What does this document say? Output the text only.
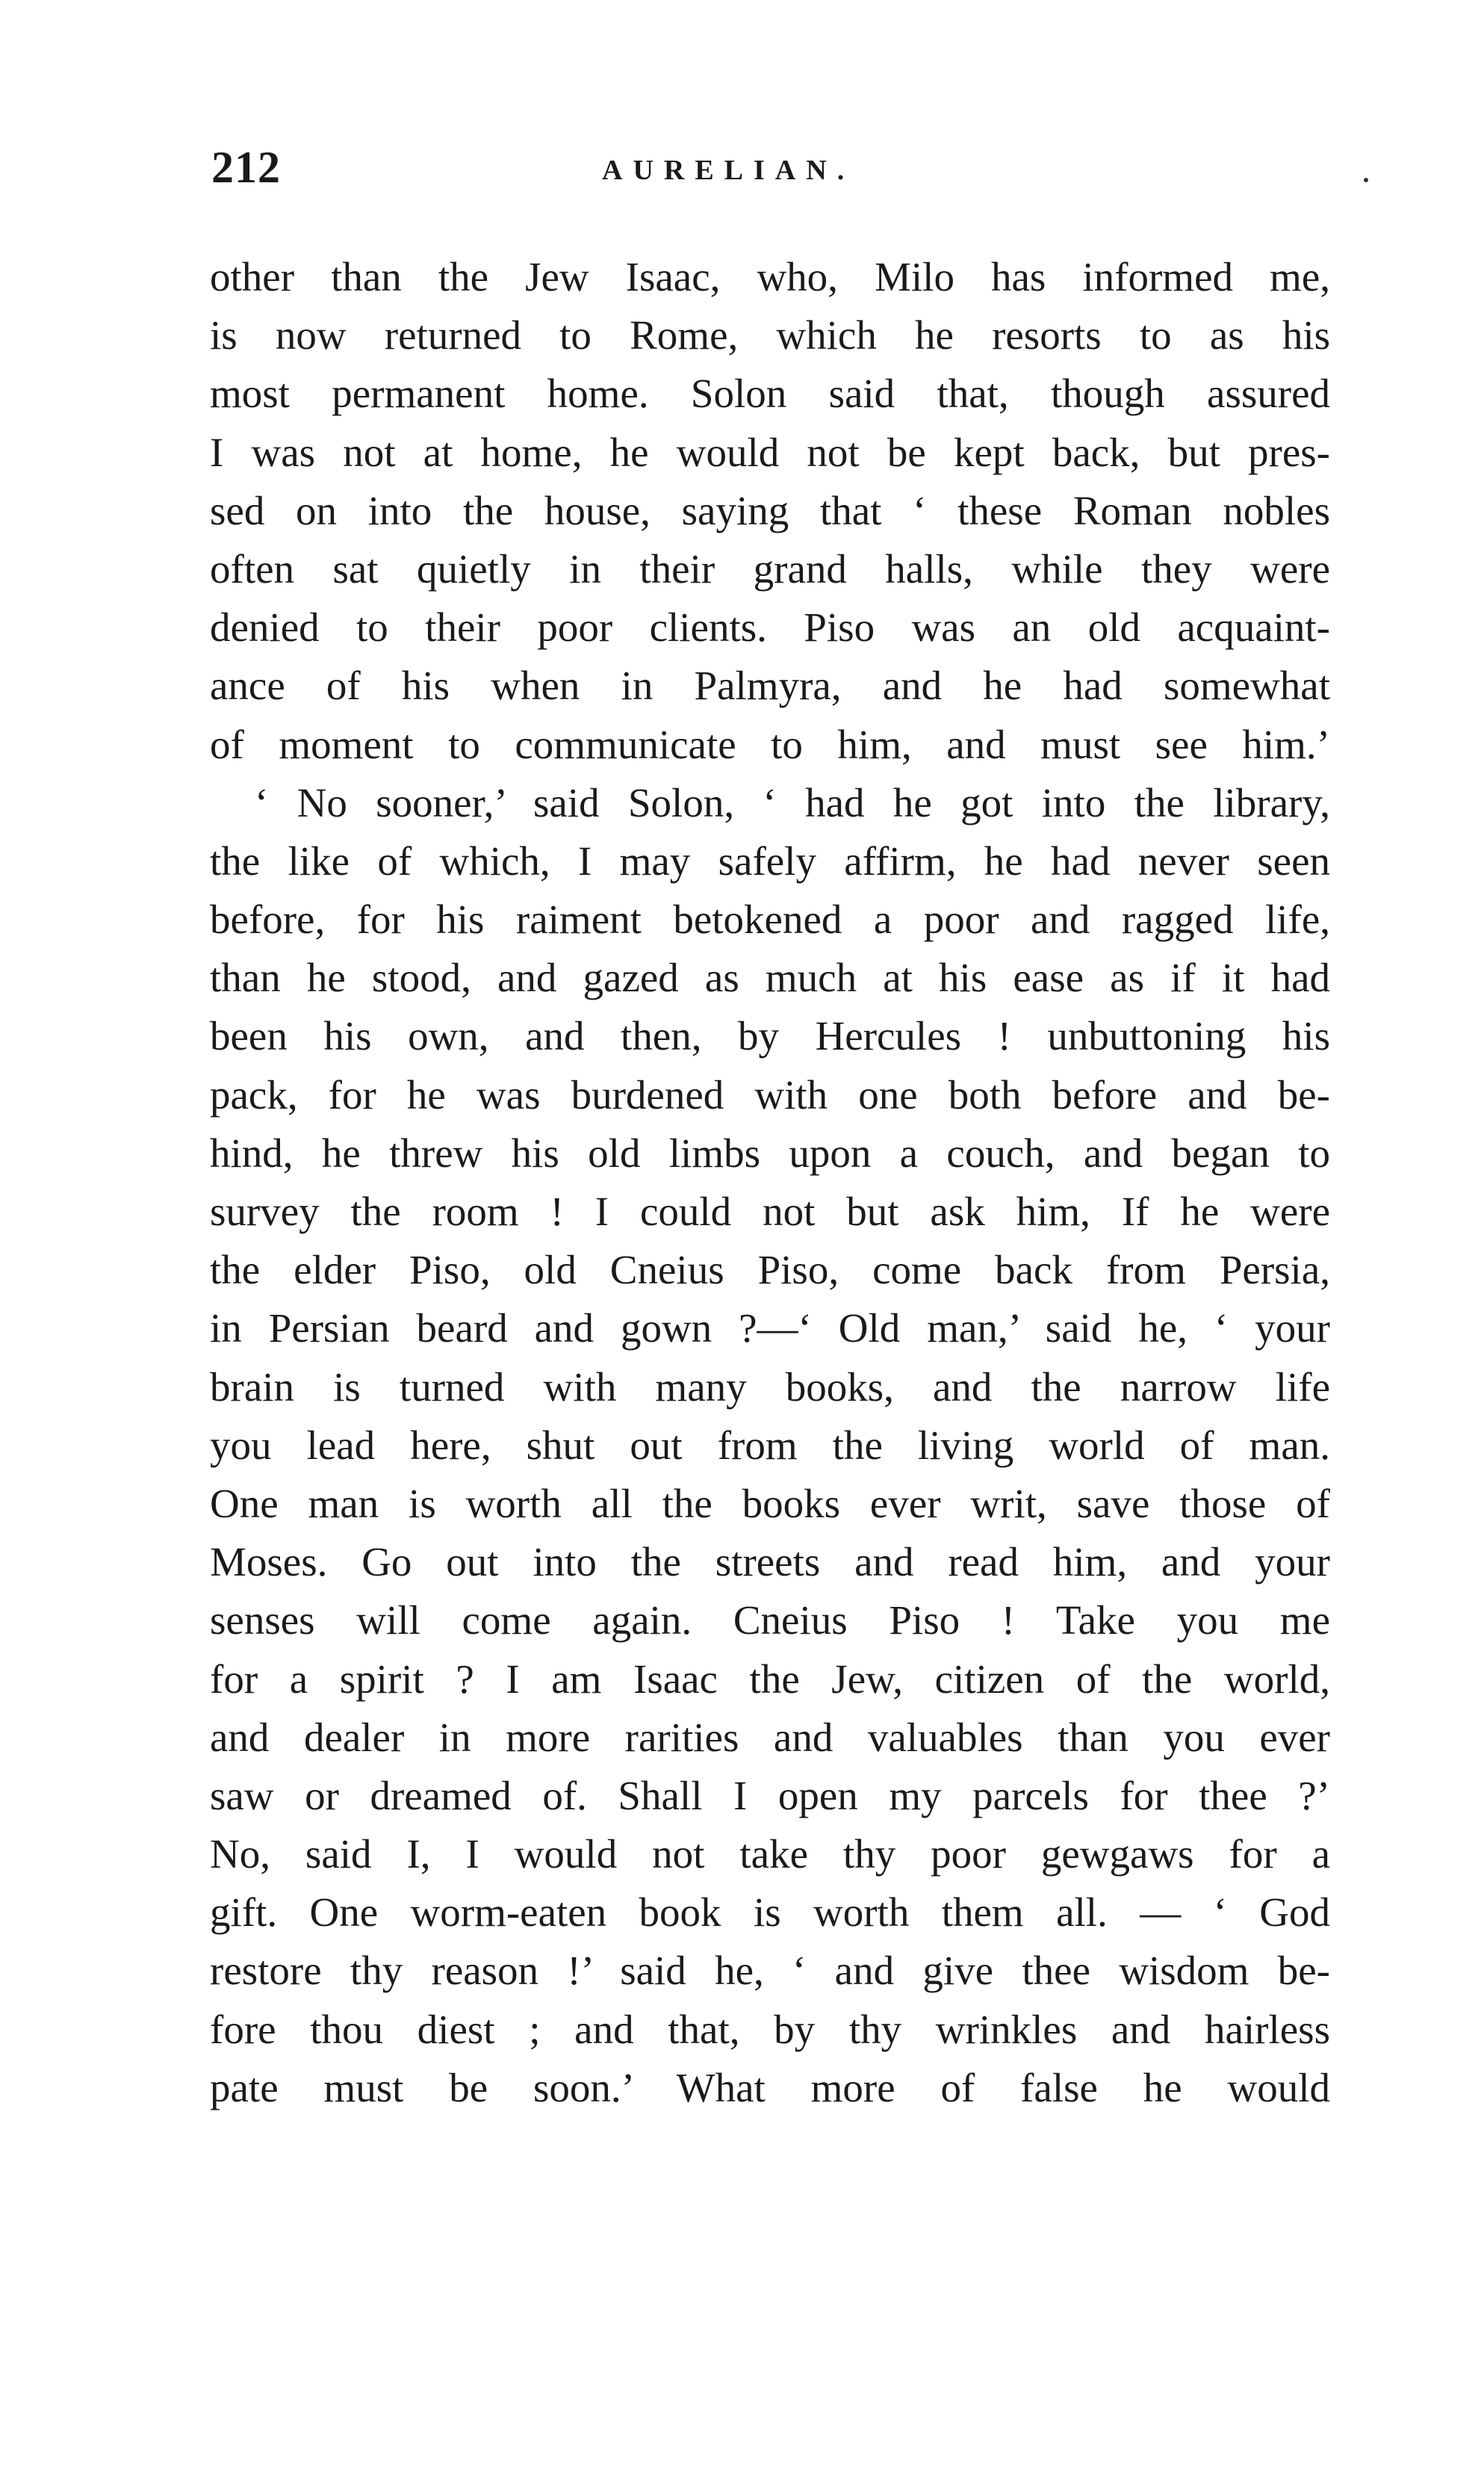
212	AURELIAN.
other than the Jew Isaac, who, Milo has informed me,
is now returned to Rome, which he resorts to as his
most permanent home. Solon said that, though assured
I was not at home, he would not be kept back, but pres-
sed on into the house, saying that ‘ these Roman nobles
often sat quietly in their grand halls, while they were
denied to their poor clients. Piso was an old acquaint-
ance of his when in Palmyra, and he had somewhat
of moment to communicate to him, and must see him.’
‘ No sooner,’ said Solon, ‘ had he got into the library,
the like of which, I may safely affirm, he had never seen
before, for his raiment betokened a poor and ragged life,
than he stood, and gazed as much at his ease as if it had
been his own, and then, by Hercules ! unbuttoning his
pack, for he was burdened with one both before and be-
hind, he threw his old limbs upon a couch, and began to
survey the room ! I could not but ask him, If he were
the elder Piso, old Cneius Piso, come back from Persia,
in Persian beard and gown ?—‘ Old man,’ said he, ‘ your
brain is turned with many books, and the narrow life
you lead here, shut out from the living world of man.
One man is worth all the books ever writ, save those of
Moses. Go out into the streets and read him, and your
senses will come again. Cneius Piso ! Take you me
for a spirit ? I am Isaac the Jew, citizen of the world,
and dealer in more rarities and valuables than you ever
saw or dreamed of. Shall I open my parcels for thee ?’
No, said I, I would not take thy poor gewgaws for a
gift. One worm-eaten book is worth them all. — ‘ God
restore thy reason !’ said he, ‘ and give thee wisdom be-
fore thou diest ; and that, by thy wrinkles and hairless
pate must be soon.’ What more of false he would
